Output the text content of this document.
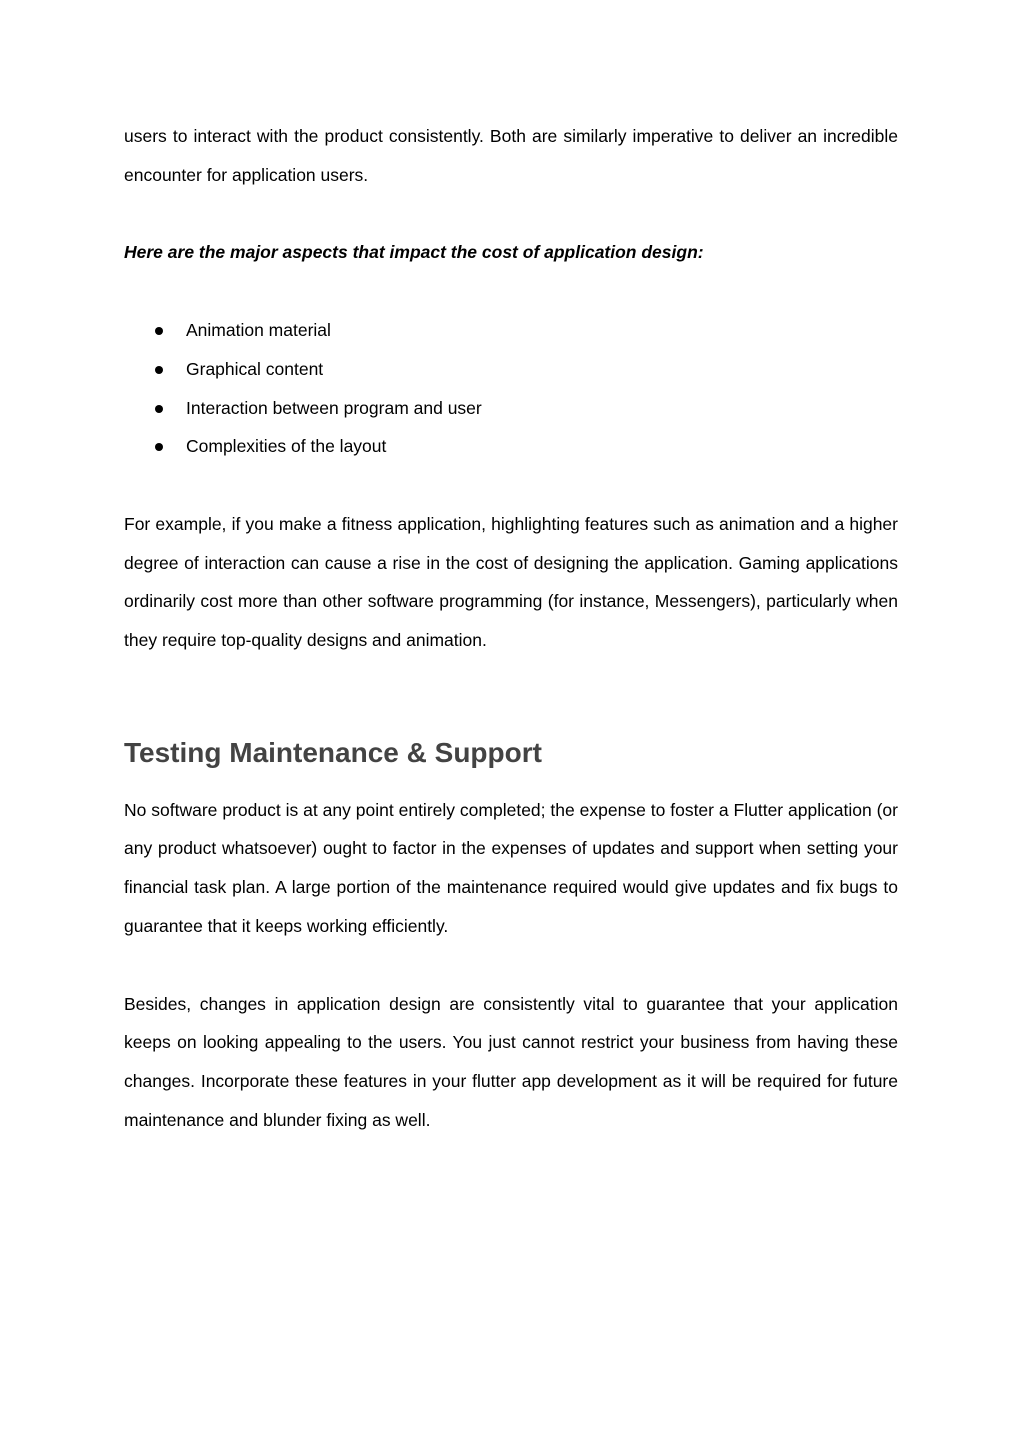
users to interact with the product consistently. Both are similarly imperative to deliver an incredible encounter for application users.

Here are the major aspects that impact the cost of application design:

Animation material
Graphical content
Interaction between program and user
Complexities of the layout

For example, if you make a fitness application, highlighting features such as animation and a higher degree of interaction can cause a rise in the cost of designing the application. Gaming applications ordinarily cost more than other software programming (for instance, Messengers), particularly when they require top-quality designs and animation.

Testing Maintenance & Support

No software product is at any point entirely completed; the expense to foster a Flutter application (or any product whatsoever) ought to factor in the expenses of updates and support when setting your financial task plan. A large portion of the maintenance required would give updates and fix bugs to guarantee that it keeps working efficiently.

Besides, changes in application design are consistently vital to guarantee that your application keeps on looking appealing to the users. You just cannot restrict your business from having these changes. Incorporate these features in your flutter app development as it will be required for future maintenance and blunder fixing as well.
